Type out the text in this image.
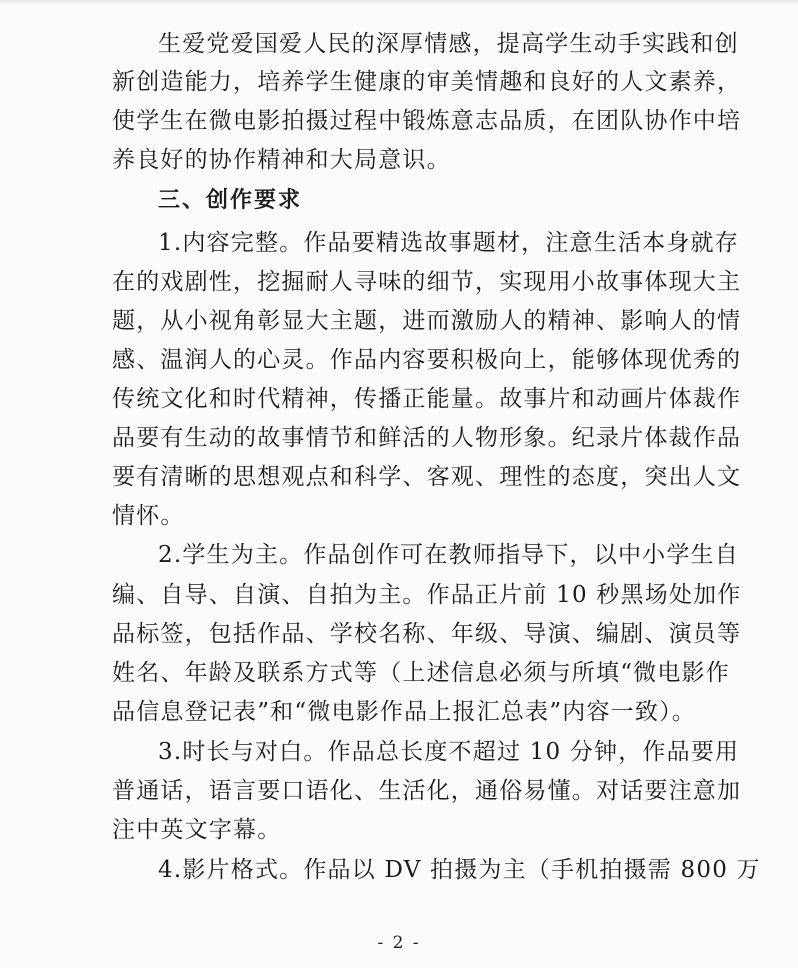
生爱党爱国爱人民的深厚情感，提高学生动手实践和创
新创造能力，培养学生健康的审美情趣和良好的人文素养，
使学生在微电影拍摄过程中锻炼意志品质，在团队协作中培
养良好的协作精神和大局意识。
三、创作要求
1.内容完整。作品要精选故事题材，注意生活本身就存
在的戏剧性，挖掘耐人寻味的细节，实现用小故事体现大主
题，从小视角彰显大主题，进而激励人的精神、影响人的情
感、温润人的心灵。作品内容要积极向上，能够体现优秀的
传统文化和时代精神，传播正能量。故事片和动画片体裁作
品要有生动的故事情节和鲜活的人物形象。纪录片体裁作品
要有清晰的思想观点和科学、客观、理性的态度，突出人文
情怀。
2.学生为主。作品创作可在教师指导下，以中小学生自
编、自导、自演、自拍为主。作品正片前 10 秒黑场处加作
品标签，包括作品、学校名称、年级、导演、编剧、演员等
姓名、年龄及联系方式等（上述信息必须与所填“微电影作
品信息登记表”和“微电影作品上报汇总表”内容一致）。
3.时长与对白。作品总长度不超过 10 分钟，作品要用
普通话，语言要口语化、生活化，通俗易懂。对话要注意加
注中英文字幕。
4.影片格式。作品以 DV 拍摄为主（手机拍摄需 800 万
- 2 -
